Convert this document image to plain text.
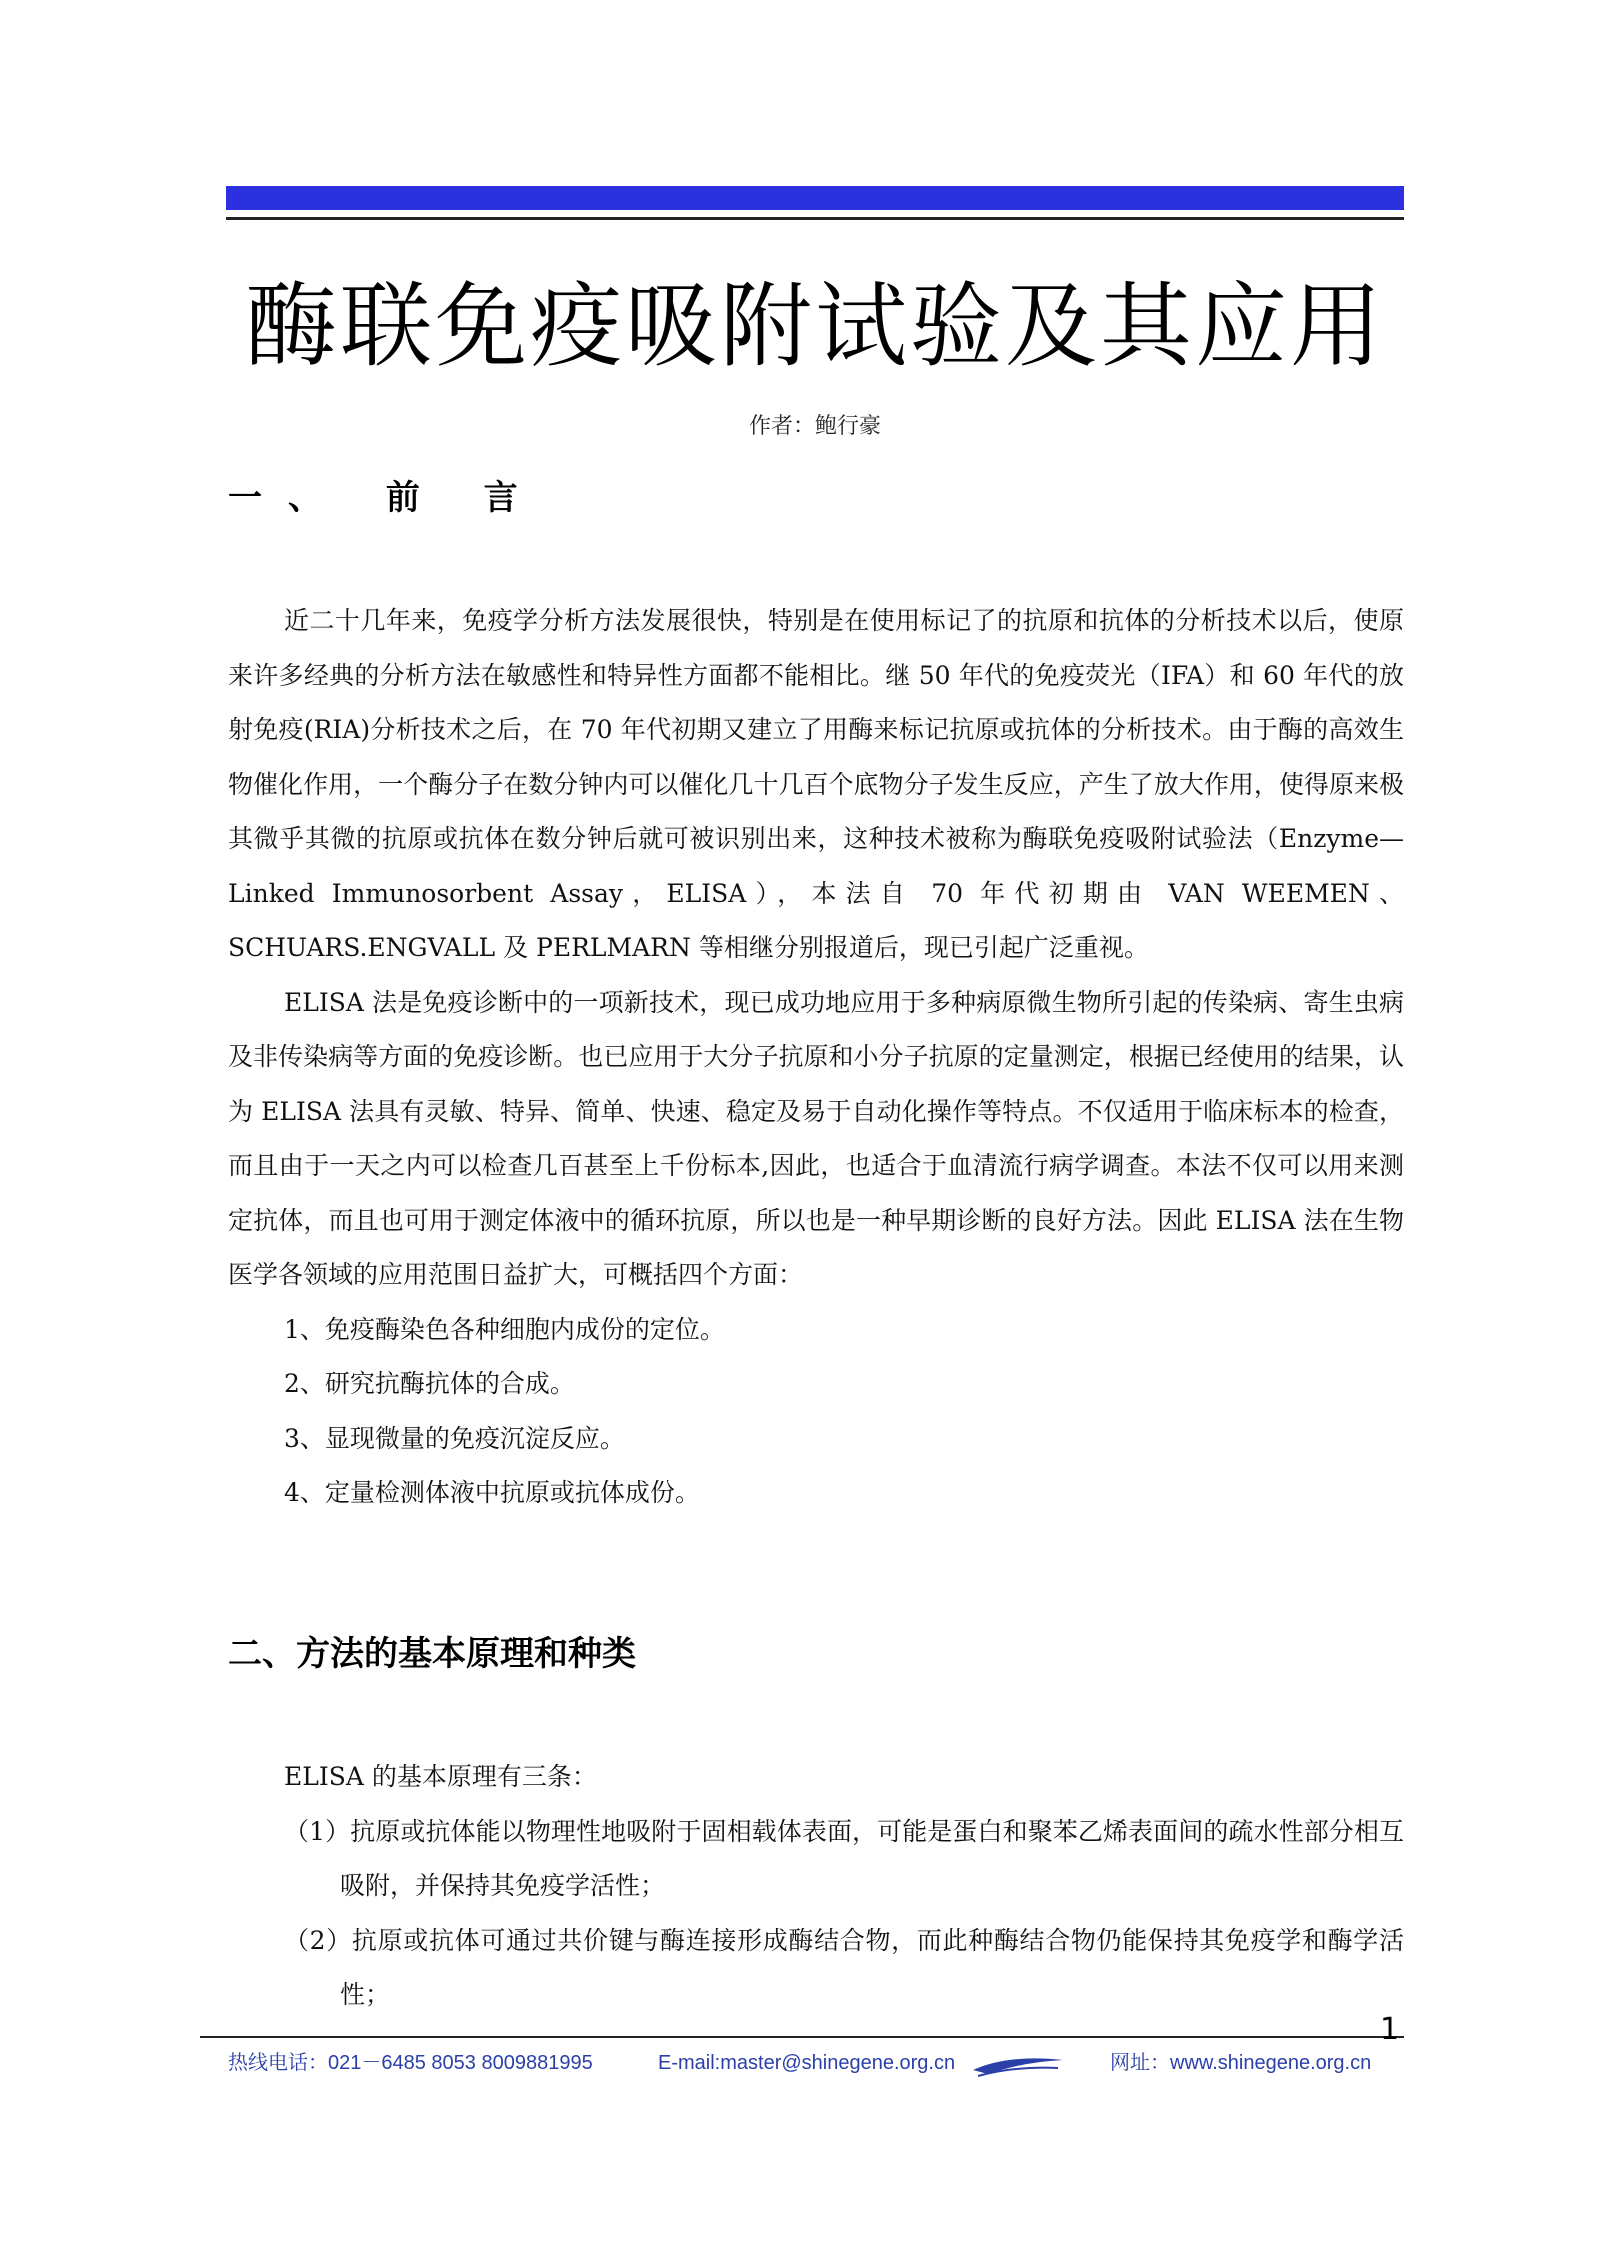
酶联免疫吸附试验及其应用
作者：鲍行豪
一、 前 言

近二十几年来，免疫学分析方法发展很快，特别是在使用标记了的抗原和抗体的分析技术以后，使原来许多经典的分析方法在敏感性和特异性方面都不能相比。继 50 年代的免疫荧光（IFA）和 60 年代的放射免疫(RIA)分析技术之后，在 70 年代初期又建立了用酶来标记抗原或抗体的分析技术。由于酶的高效生物催化作用，一个酶分子在数分钟内可以催化几十几百个底物分子发生反应，产生了放大作用，使得原来极其微乎其微的抗原或抗体在数分钟后就可被识别出来，这种技术被称为酶联免疫吸附试验法（Enzyme—Linked Immunosorbent Assay，ELISA），本法自 70 年代初期由 VAN WEEMEN、SCHUARS.ENGVALL 及 PERLMARN 等相继分别报道后，现已引起广泛重视。

ELISA 法是免疫诊断中的一项新技术，现已成功地应用于多种病原微生物所引起的传染病、寄生虫病及非传染病等方面的免疫诊断。也已应用于大分子抗原和小分子抗原的定量测定，根据已经使用的结果，认为 ELISA 法具有灵敏、特异、简单、快速、稳定及易于自动化操作等特点。不仅适用于临床标本的检查，而且由于一天之内可以检查几百甚至上千份标本,因此，也适合于血清流行病学调查。本法不仅可以用来测定抗体，而且也可用于测定体液中的循环抗原，所以也是一种早期诊断的良好方法。因此 ELISA 法在生物医学各领域的应用范围日益扩大，可概括四个方面：

1、免疫酶染色各种细胞内成份的定位。

2、研究抗酶抗体的合成。

3、显现微量的免疫沉淀反应。

4、定量检测体液中抗原或抗体成份。

二、方法的基本原理和种类

ELISA 的基本原理有三条：

（1）抗原或抗体能以物理性地吸附于固相载体表面，可能是蛋白和聚苯乙烯表面间的疏水性部分相互吸附，并保持其免疫学活性；

（2）抗原或抗体可通过共价键与酶连接形成酶结合物，而此种酶结合物仍能保持其免疫学和酶学活性；

1
热线电话：021－6485 8053 8009881995	E-mail:master@shinegene.org.cn	网址：www.shinegene.org.cn
